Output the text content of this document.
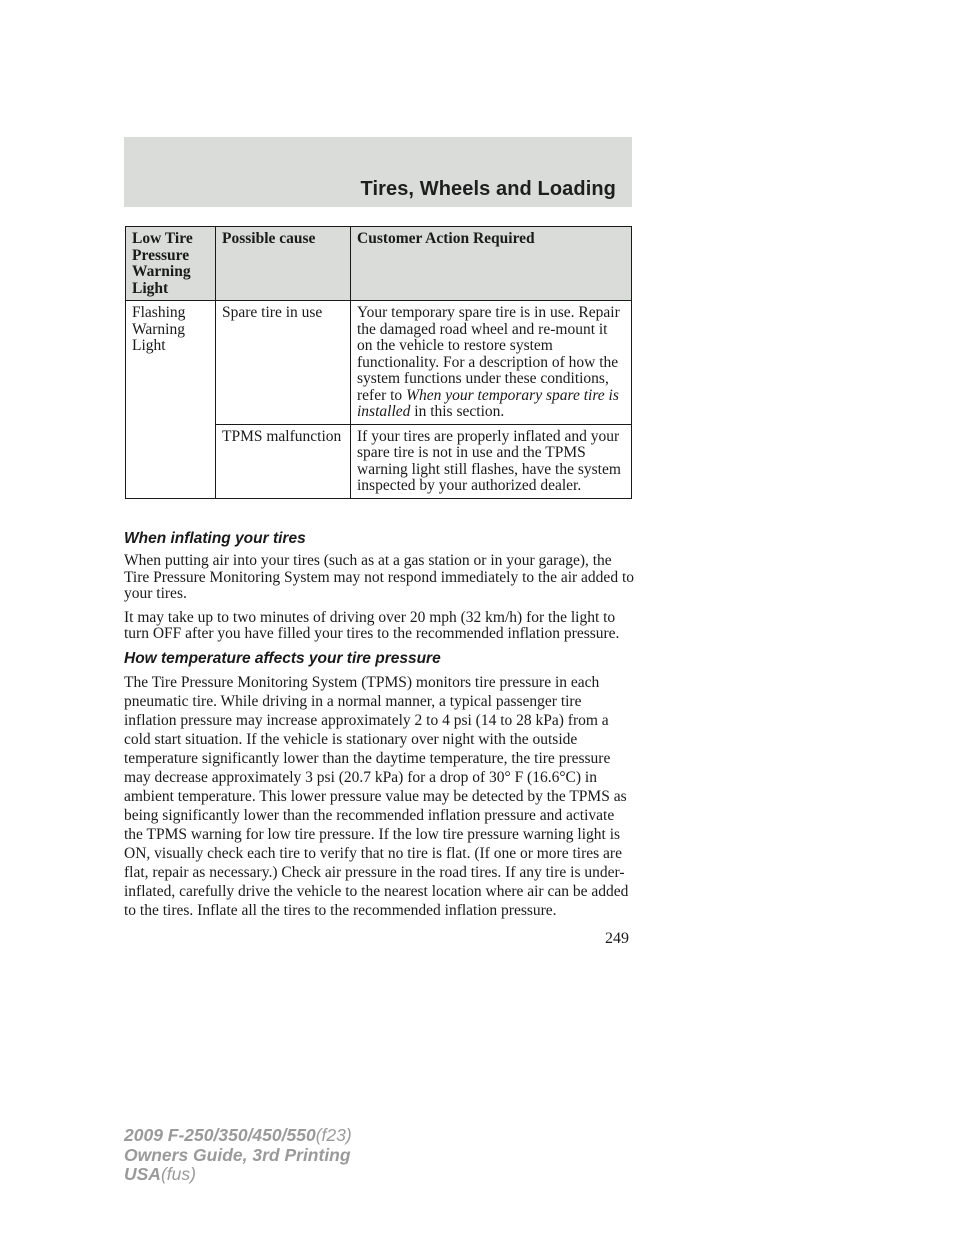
Tires, Wheels and Loading
Low Tire Pressure Warning Light	Possible cause	Customer Action Required
Flashing Warning Light	Spare tire in use	Your temporary spare tire is in use. Repair the damaged road wheel and re-mount it on the vehicle to restore system functionality. For a description of how the system functions under these conditions, refer to When your temporary spare tire is installed in this section.
	TPMS malfunction	If your tires are properly inflated and your spare tire is not in use and the TPMS warning light still flashes, have the system inspected by your authorized dealer.
When inflating your tires

When putting air into your tires (such as at a gas station or in your garage), the Tire Pressure Monitoring System may not respond immediately to the air added to your tires.

It may take up to two minutes of driving over 20 mph (32 km/h) for the light to turn OFF after you have filled your tires to the recommended inflation pressure.

How temperature affects your tire pressure

The Tire Pressure Monitoring System (TPMS) monitors tire pressure in each pneumatic tire. While driving in a normal manner, a typical passenger tire inflation pressure may increase approximately 2 to 4 psi (14 to 28 kPa) from a cold start situation. If the vehicle is stationary over night with the outside temperature significantly lower than the daytime temperature, the tire pressure may decrease approximately 3 psi (20.7 kPa) for a drop of 30° F (16.6°C) in ambient temperature. This lower pressure value may be detected by the TPMS as being significantly lower than the recommended inflation pressure and activate the TPMS warning for low tire pressure. If the low tire pressure warning light is ON, visually check each tire to verify that no tire is flat. (If one or more tires are flat, repair as necessary.) Check air pressure in the road tires. If any tire is under-inflated, carefully drive the vehicle to the nearest location where air can be added to the tires. Inflate all the tires to the recommended inflation pressure.

249
2009 F-250/350/450/550(f23)
Owners Guide, 3rd Printing
USA(fus)
